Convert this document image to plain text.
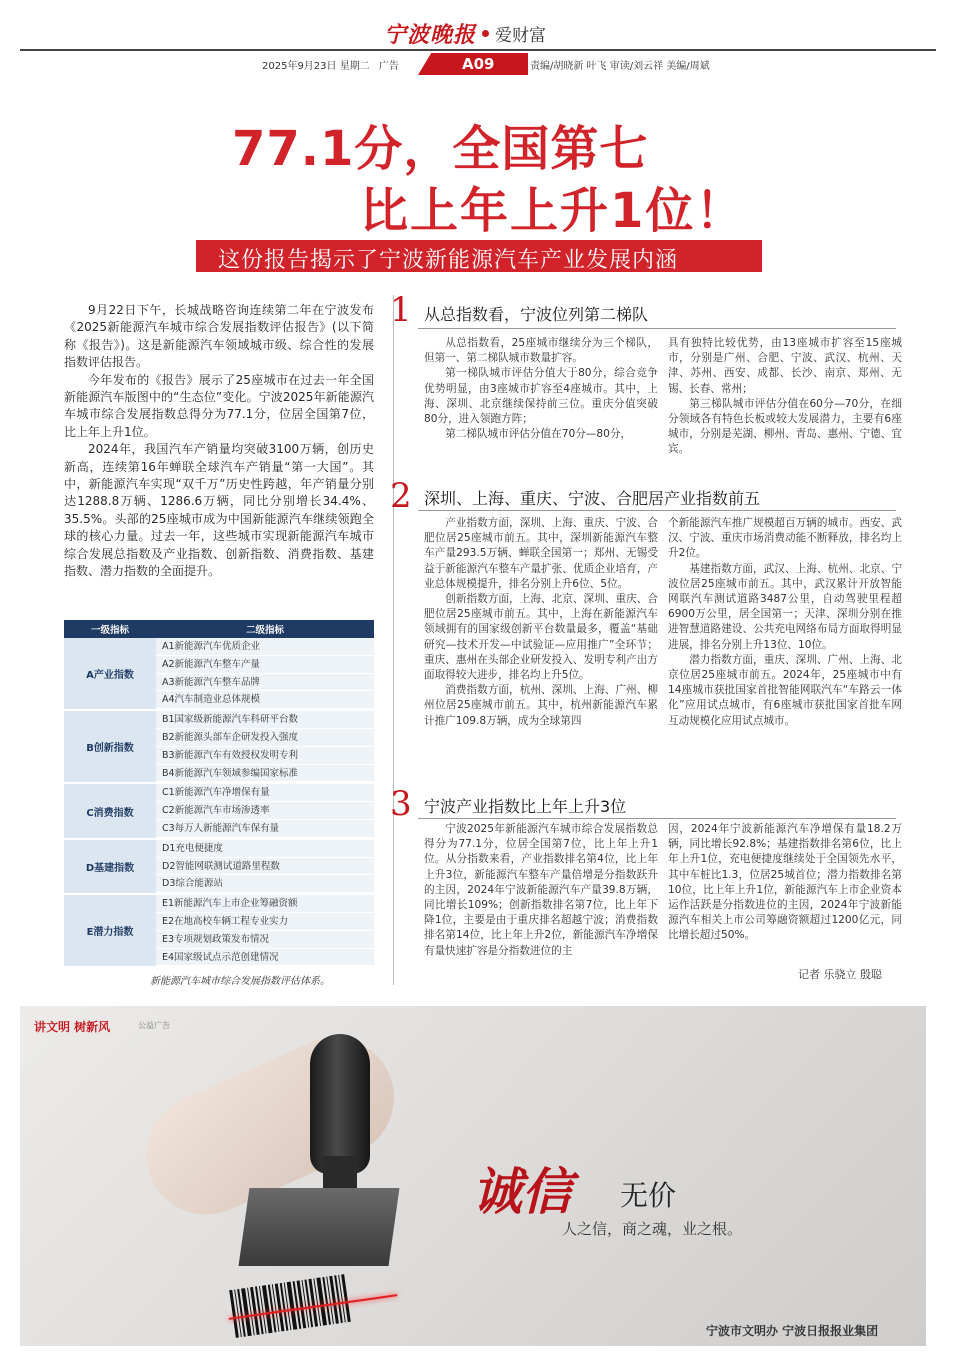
宁波晚报 爱财富
2025年9月23日 星期二 广告	A09	责编/胡晓新 叶飞 审读/刘云祥 美编/周斌
77.1分，全国第七
比上年上升1位！
这份报告揭示了宁波新能源汽车产业发展内涵

9月22日下午，长城战略咨询连续第二年在宁波发布《2025新能源汽车城市综合发展指数评估报告》(以下简称《报告》)。这是新能源汽车领域城市级、综合性的发展指数评估报告。

今年发布的《报告》展示了25座城市在过去一年全国新能源汽车版图中的“生态位”变化。宁波2025年新能源汽车城市综合发展指数总得分为77.1分，位居全国第7位，比上年上升1位。

2024年，我国汽车产销量均突破3100万辆，创历史新高，连续第16年蝉联全球汽车产销量“第一大国”。其中，新能源汽车实现“双千万”历史性跨越，年产销量分别达1288.8万辆、1286.6万辆，同比分别增长34.4%、35.5%。头部的25座城市成为中国新能源汽车继续领跑全球的核心力量。过去一年，这些城市实现新能源汽车城市综合发展总指数及产业指数、创新指数、消费指数、基建指数、潜力指数的全面提升。

一级指标	二级指标
A产业指数
A1新能源汽车优质企业
A2新能源汽车整车产量
A3新能源汽车整车品牌
A4汽车制造业总体规模
B创新指数
B1国家级新能源汽车科研平台数
B2新能源头部车企研发投入强度
B3新能源汽车有效授权发明专利
B4新能源汽车领域参编国家标准
C消费指数
C1新能源汽车净增保有量
C2新能源汽车市场渗透率
C3每万人新能源汽车保有量
D基建指数
D1充电便捷度
D2智能网联测试道路里程数
D3综合能源站
E潜力指数
E1新能源汽车上市企业筹融资额
E2在地高校车辆工程专业实力
E3专项规划政策发布情况
E4国家级试点示范创建情况
新能源汽车城市综合发展指数评估体系。
1 从总指数看，宁波位列第二梯队

从总指数看，25座城市继续分为三个梯队，但第一、第二梯队城市数量扩容。

第一梯队城市评估分值大于80分，综合竞争优势明显，由3座城市扩容至4座城市。其中，上海、深圳、北京继续保持前三位。重庆分值突破80分，进入领跑方阵；

第二梯队城市评估分值在70分—80分，

具有独特比较优势，由13座城市扩容至15座城市，分别是广州、合肥、宁波、武汉、杭州、天津、苏州、西安、成都、长沙、南京、郑州、无锡、长春、常州；

第三梯队城市评估分值在60分—70分，在细分领域各有特色长板或较大发展潜力，主要有6座城市，分别是芜湖、柳州、青岛、惠州、宁德、宜宾。

2 深圳、上海、重庆、宁波、合肥居产业指数前五

产业指数方面，深圳、上海、重庆、宁波、合肥位居25座城市前五。其中，深圳新能源汽车整车产量293.5万辆、蝉联全国第一；郑州、无锡受益于新能源汽车整车产量扩张、优质企业培育，产业总体规模提升，排名分别上升6位、5位。

创新指数方面，上海、北京、深圳、重庆、合肥位居25座城市前五。其中，上海在新能源汽车领域拥有的国家级创新平台数量最多，覆盖“基础研究—技术开发—中试验证—应用推广”全环节；重庆、惠州在头部企业研发投入、发明专利产出方面取得较大进步，排名均上升5位。

消费指数方面，杭州、深圳、上海、广州、柳州位居25座城市前五。其中，杭州新能源汽车累计推广109.8万辆，成为全球第四

个新能源汽车推广规模超百万辆的城市。西安、武汉、宁波、重庆市场消费动能不断释放，排名均上升2位。

基建指数方面，武汉、上海、杭州、北京、宁波位居25座城市前五。其中，武汉累计开放智能网联汽车测试道路3487公里，自动驾驶里程超6900万公里，居全国第一；天津、深圳分别在推进智慧道路建设、公共充电网络布局方面取得明显进展，排名分别上升13位、10位。

潜力指数方面，重庆、深圳、广州、上海、北京位居25座城市前五。2024年，25座城市中有14座城市获批国家首批智能网联汽车“车路云一体化”应用试点城市，有6座城市获批国家首批车网互动规模化应用试点城市。

3 宁波产业指数比上年上升3位

宁波2025年新能源汽车城市综合发展指数总得分为77.1分，位居全国第7位，比上年上升1位。从分指数来看，产业指数排名第4位，比上年上升3位，新能源汽车整车产量倍增是分指数跃升的主因，2024年宁波新能源汽车产量39.8万辆，同比增长109%；创新指数排名第7位，比上年下降1位，主要是由于重庆排名超越宁波；消费指数排名第14位，比上年上升2位，新能源汽车净增保有量快速扩容是分指数进位的主

因，2024年宁波新能源汽车净增保有量18.2万辆，同比增长92.8%；基建指数排名第6位，比上年上升1位，充电便捷度继续处于全国领先水平，其中车桩比1.3，位居25城首位；潜力指数排名第10位，比上年上升1位，新能源汽车上市企业资本运作活跃是分指数进位的主因，2024年宁波新能源汽车相关上市公司筹融资额超过1200亿元，同比增长超过50%。

记者 乐骁立 殷聪
讲文明 树新风	公益广告
诚信 无价
人之信，商之魂，业之根。
宁波市文明办 宁波日报报业集团
